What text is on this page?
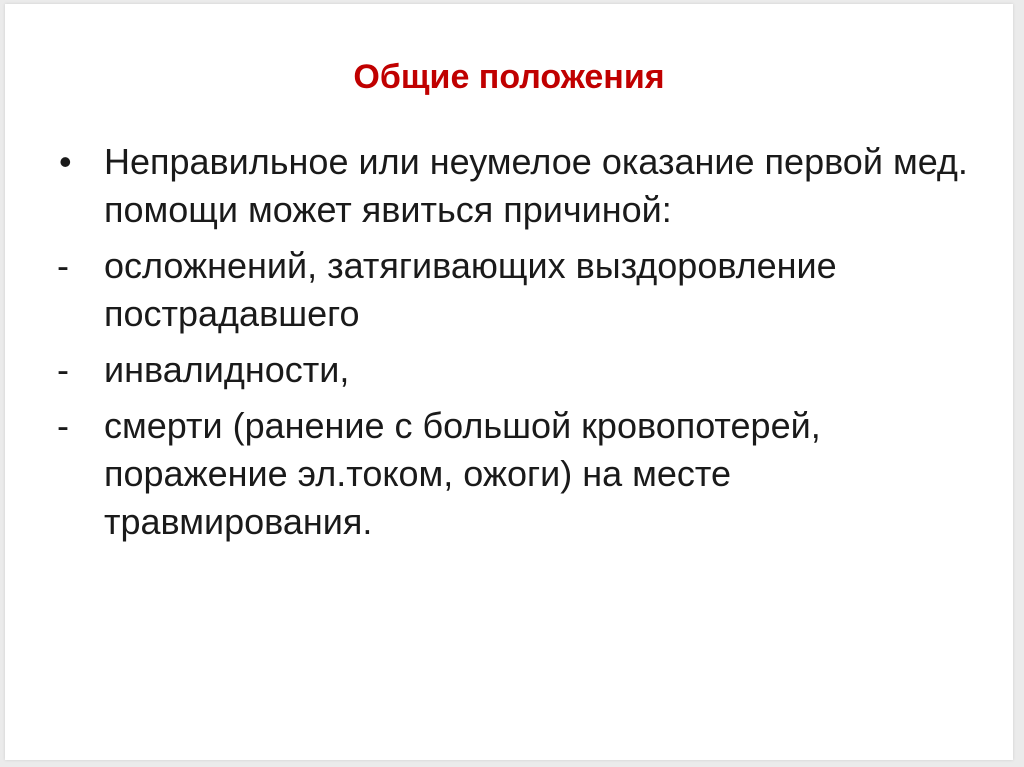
Общие положения
• Неправильное или неумелое оказание первой мед. помощи может явиться причиной:
- осложнений, затягивающих выздоровление пострадавшего
- инвалидности,
- смерти (ранение с большой кровопотерей, поражение эл.током, ожоги) на месте травмирования.
